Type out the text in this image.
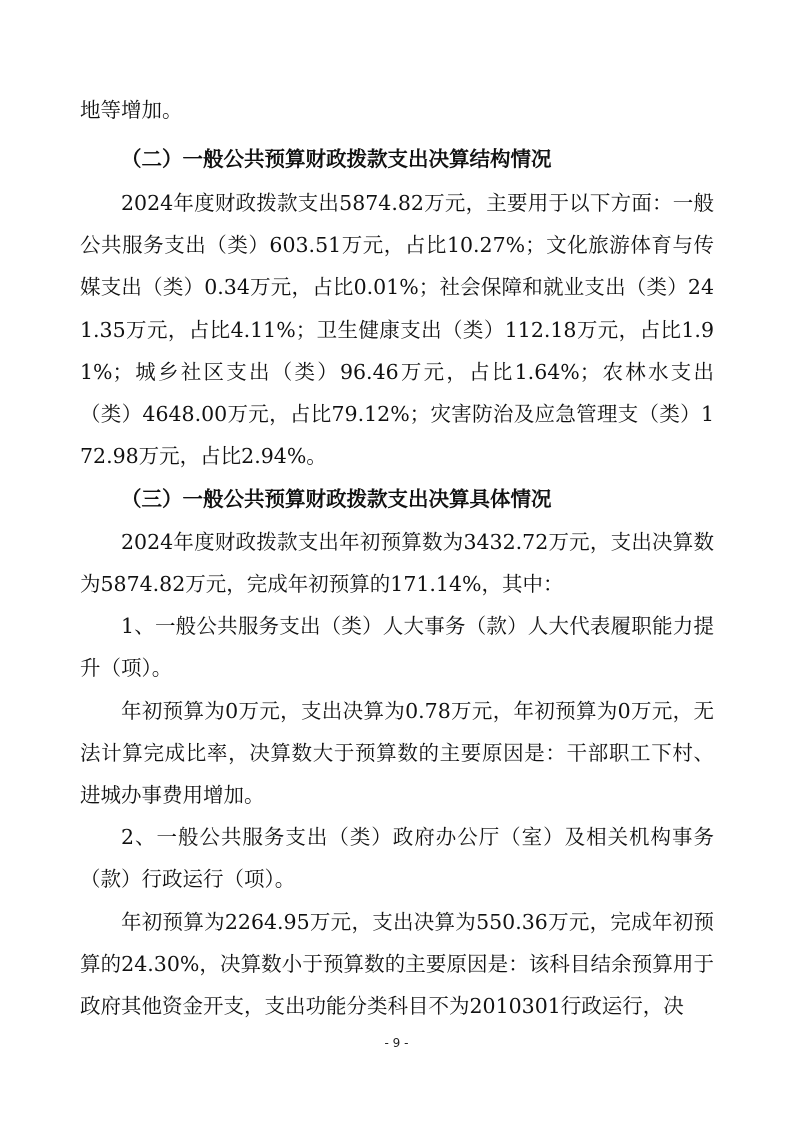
地等增加。

（二）一般公共预算财政拨款支出决算结构情况

2024年度财政拨款支出5874.82万元，主要用于以下方面：一般公共服务支出（类）603.51万元，占比10.27%；文化旅游体育与传媒支出（类）0.34万元，占比0.01%；社会保障和就业支出（类）241.35万元，占比4.11%；卫生健康支出（类）112.18万元，占比1.91%；城乡社区支出（类）96.46万元，占比1.64%；农林水支出（类）4648.00万元，占比79.12%；灾害防治及应急管理支（类）172.98万元，占比2.94%。

（三）一般公共预算财政拨款支出决算具体情况

2024年度财政拨款支出年初预算数为3432.72万元，支出决算数为5874.82万元，完成年初预算的171.14%，其中：

1、一般公共服务支出（类）人大事务（款）人大代表履职能力提升（项）。

年初预算为0万元，支出决算为0.78万元，年初预算为0万元，无法计算完成比率，决算数大于预算数的主要原因是：干部职工下村、进城办事费用增加。

2、一般公共服务支出（类）政府办公厅（室）及相关机构事务（款）行政运行（项）。

年初预算为2264.95万元，支出决算为550.36万元，完成年初预算的24.30%，决算数小于预算数的主要原因是：该科目结余预算用于政府其他资金开支，支出功能分类科目不为2010301行政运行，决

- 9 -
